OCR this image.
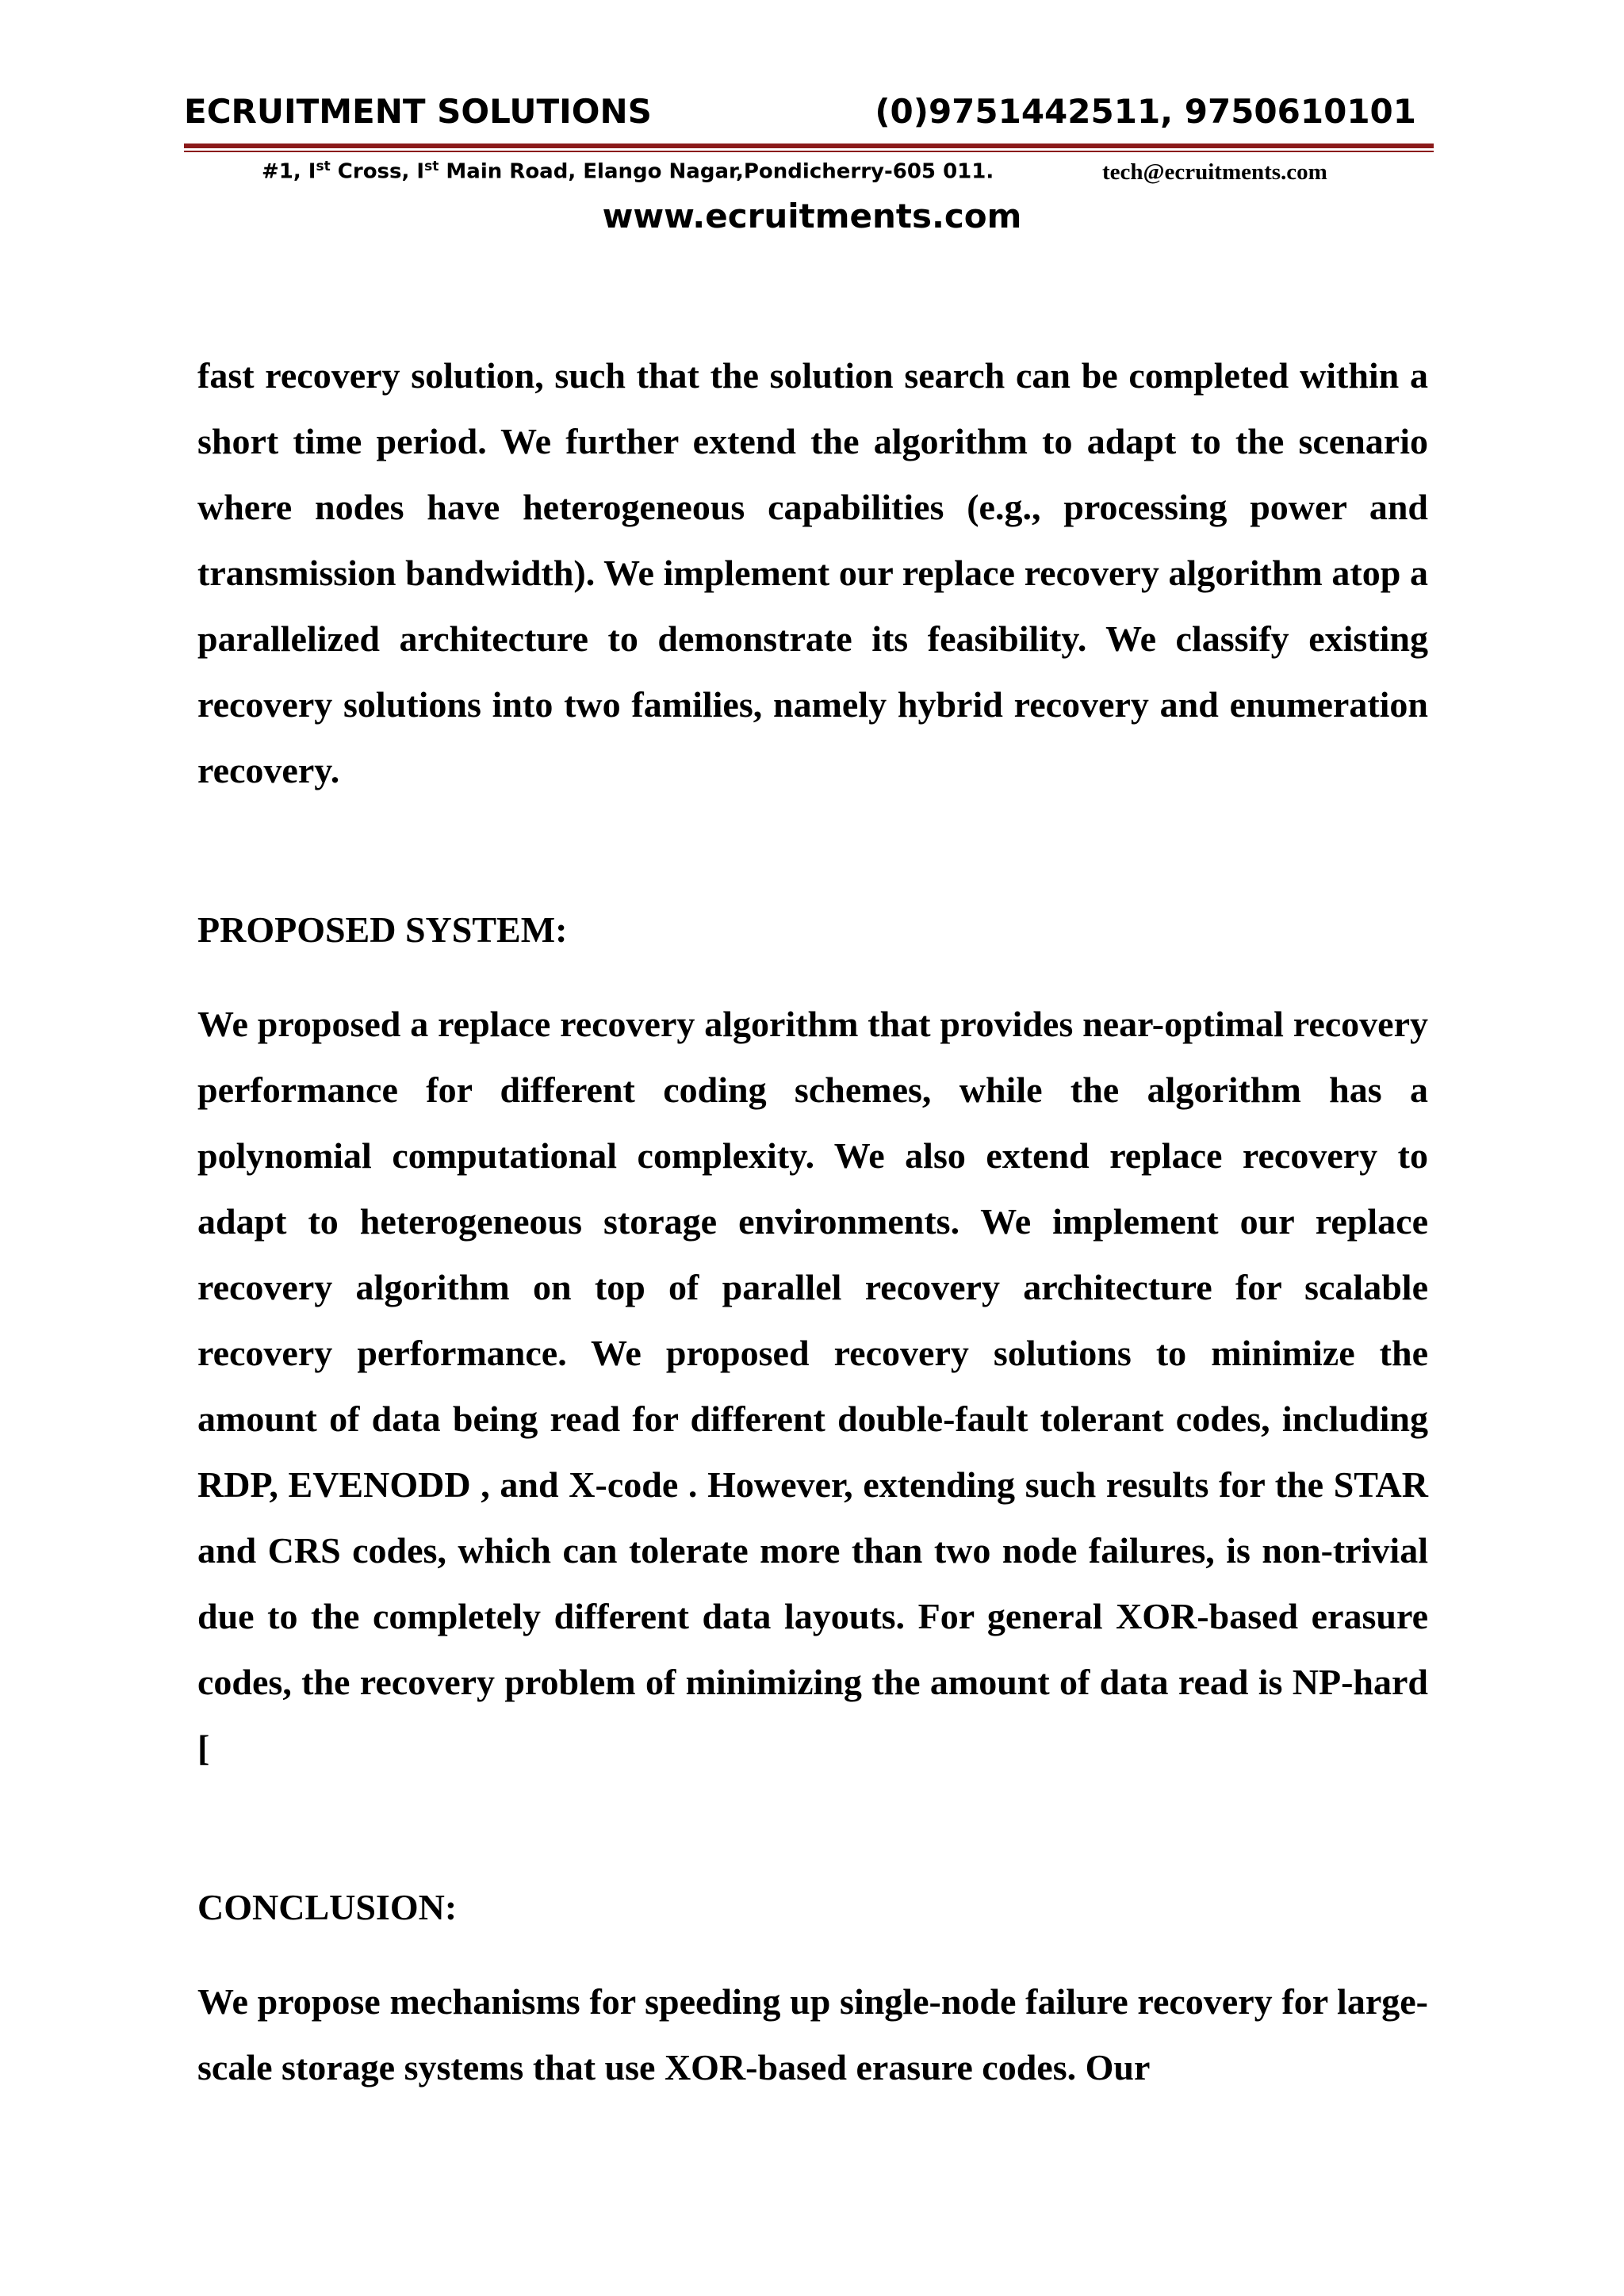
ECRUITMENT SOLUTIONS	(0)9751442511, 9750610101
#1, Ist Cross, Ist Main Road, Elango Nagar,Pondicherry-605 011.	tech@ecruitments.com
www.ecruitments.com

fast recovery solution, such that the solution search can be completed within a short time period. We further extend the algorithm to adapt to the scenario where nodes have heterogeneous capabilities (e.g., processing power and transmission bandwidth). We implement our replace recovery algorithm atop a parallelized architecture to demonstrate its feasibility. We classify existing recovery solutions into two families, namely hybrid recovery and enumeration recovery.

PROPOSED SYSTEM:

We proposed a replace recovery algorithm that provides near-optimal recovery performance for different coding schemes, while the algorithm has a polynomial computational complexity. We also extend replace recovery to adapt to heterogeneous storage environments. We implement our replace recovery algorithm on top of parallel recovery architecture for scalable recovery performance. We proposed recovery solutions to minimize the amount of data being read for different double-fault tolerant codes, including RDP, EVENODD , and X-code . However, extending such results for the STAR and CRS codes, which can tolerate more than two node failures, is non-trivial due to the completely different data layouts. For general XOR-based erasure codes, the recovery problem of minimizing the amount of data read is NP-hard [

CONCLUSION:

We propose mechanisms for speeding up single-node failure recovery for large-scale storage systems that use XOR-based erasure codes. Our
